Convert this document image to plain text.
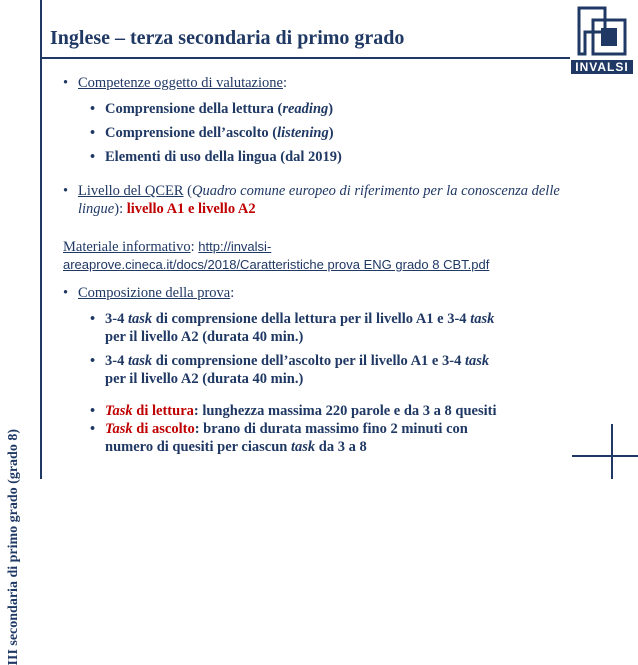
III secondaria di primo grado (grado 8)
Inglese – terza secondaria di primo grado
INVALSI
• Competenze oggetto di valutazione:
• Comprensione della lettura (reading)
• Comprensione dell’ascolto (listening)
• Elementi di uso della lingua (dal 2019)
• Livello del QCER (Quadro comune europeo di riferimento per la conoscenza delle lingue): livello A1 e livello A2
Materiale informativo: http://invalsi-
areaprove.cineca.it/docs/2018/Caratteristiche prova ENG grado 8 CBT.pdf
• Composizione della prova:
• 3-4 task di comprensione della lettura per il livello A1 e 3-4 task
per il livello A2 (durata 40 min.)
• 3-4 task di comprensione dell’ascolto per il livello A1 e 3-4 task
per il livello A2 (durata 40 min.)
• Task di lettura: lunghezza massima 220 parole e da 3 a 8 quesiti
• Task di ascolto: brano di durata massimo fino 2 minuti con
numero di quesiti per ciascun task da 3 a 8
